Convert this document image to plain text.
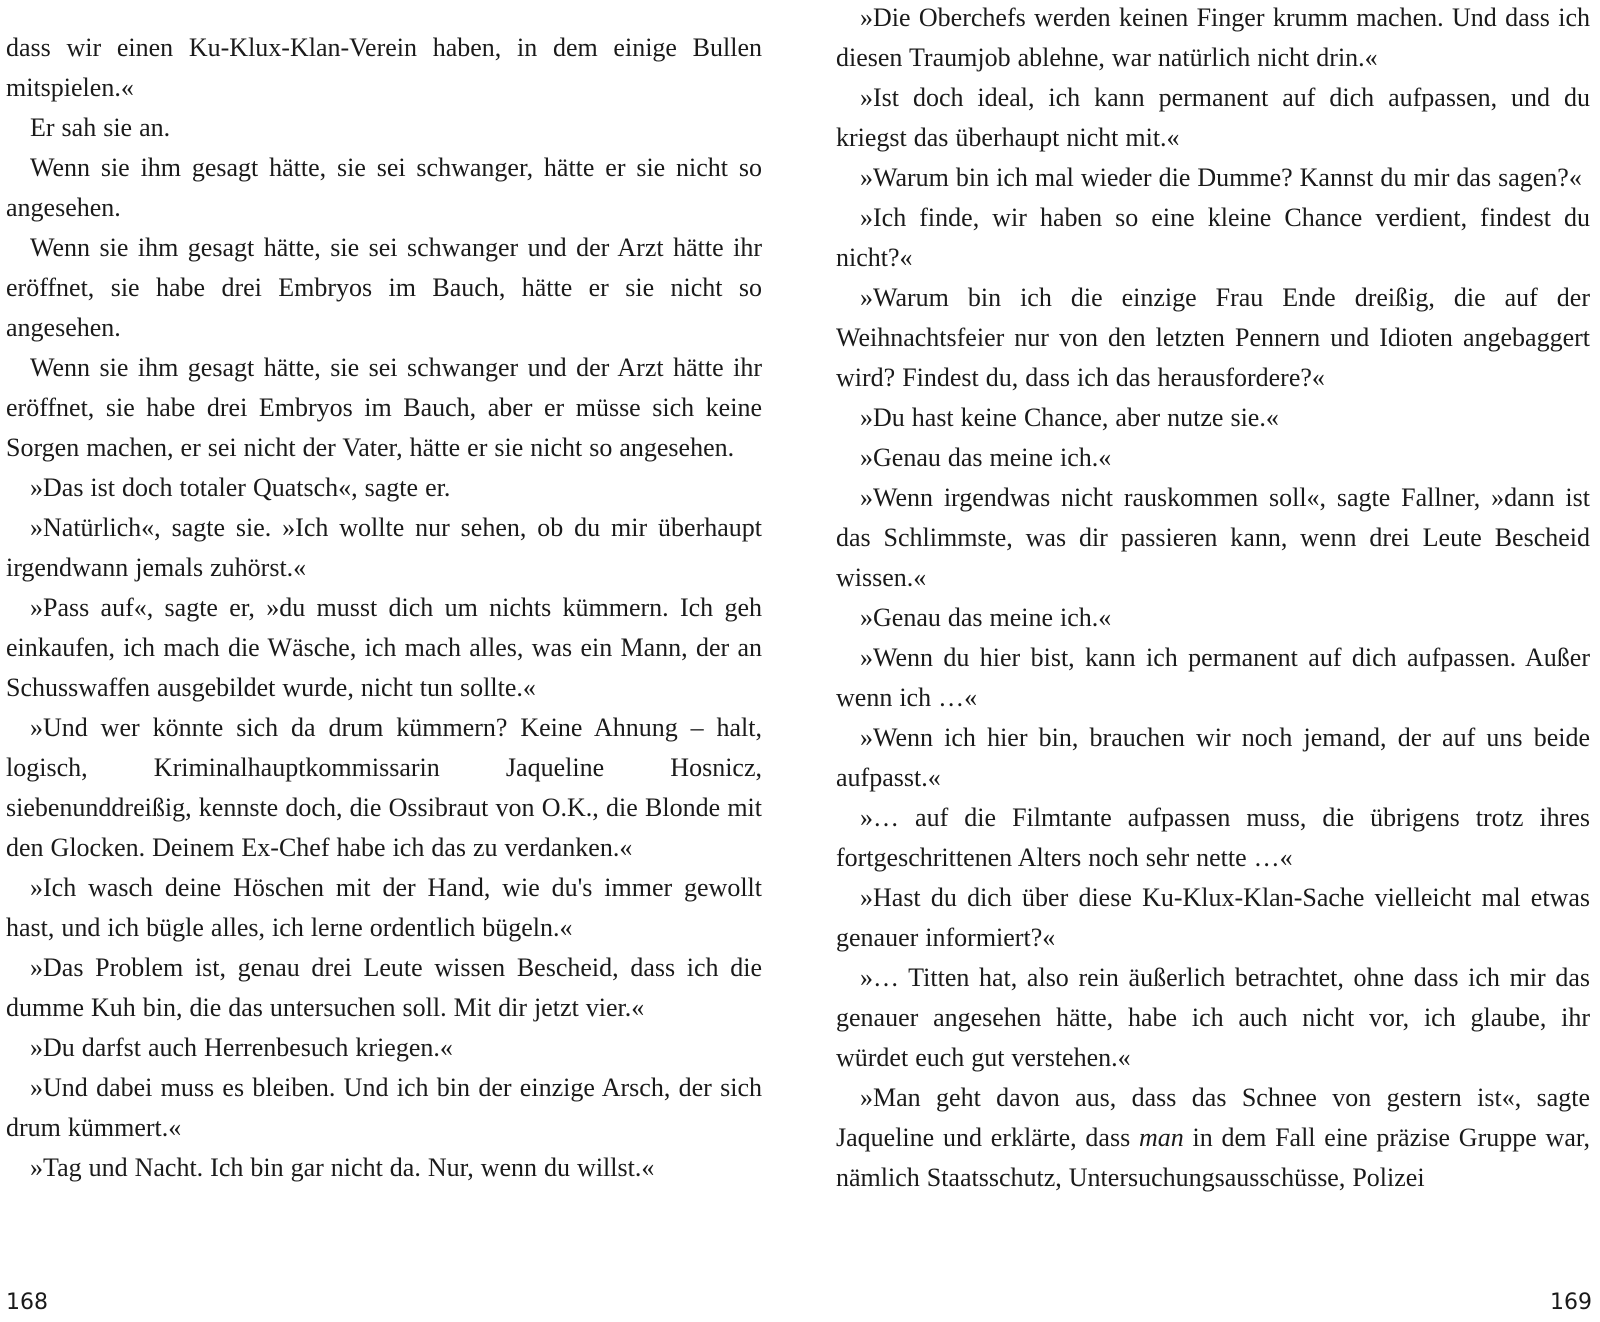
dass wir einen Ku-Klux-Klan-Verein haben, in dem einige Bullen mitspielen.«

Er sah sie an.

Wenn sie ihm gesagt hätte, sie sei schwanger, hätte er sie nicht so angesehen.

Wenn sie ihm gesagt hätte, sie sei schwanger und der Arzt hätte ihr eröffnet, sie habe drei Embryos im Bauch, hätte er sie nicht so angesehen.

Wenn sie ihm gesagt hätte, sie sei schwanger und der Arzt hätte ihr eröffnet, sie habe drei Embryos im Bauch, aber er müsse sich keine Sorgen machen, er sei nicht der Vater, hätte er sie nicht so angesehen.

»Das ist doch totaler Quatsch«, sagte er.

»Natürlich«, sagte sie. »Ich wollte nur sehen, ob du mir überhaupt irgendwann jemals zuhörst.«

»Pass auf«, sagte er, »du musst dich um nichts kümmern. Ich geh einkaufen, ich mach die Wäsche, ich mach alles, was ein Mann, der an Schusswaffen ausgebildet wurde, nicht tun sollte.«

»Und wer könnte sich da drum kümmern? Keine Ahnung – halt, logisch, Kriminalhauptkommissarin Jaqueline Hosnicz, siebenunddreißig, kennste doch, die Ossibraut von O.K., die Blonde mit den Glocken. Deinem Ex-Chef habe ich das zu verdanken.«

»Ich wasch deine Höschen mit der Hand, wie du's immer gewollt hast, und ich bügle alles, ich lerne ordentlich bügeln.«

»Das Problem ist, genau drei Leute wissen Bescheid, dass ich die dumme Kuh bin, die das untersuchen soll. Mit dir jetzt vier.«

»Du darfst auch Herrenbesuch kriegen.«

»Und dabei muss es bleiben. Und ich bin der einzige Arsch, der sich drum kümmert.«

»Tag und Nacht. Ich bin gar nicht da. Nur, wenn du willst.«

168

»Die Oberchefs werden keinen Finger krumm machen. Und dass ich diesen Traumjob ablehne, war natürlich nicht drin.«

»Ist doch ideal, ich kann permanent auf dich aufpassen, und du kriegst das überhaupt nicht mit.«

»Warum bin ich mal wieder die Dumme? Kannst du mir das sagen?«

»Ich finde, wir haben so eine kleine Chance verdient, findest du nicht?«

»Warum bin ich die einzige Frau Ende dreißig, die auf der Weihnachtsfeier nur von den letzten Pennern und Idioten angebaggert wird? Findest du, dass ich das herausfordere?«

»Du hast keine Chance, aber nutze sie.«

»Genau das meine ich.«

»Wenn irgendwas nicht rauskommen soll«, sagte Fallner, »dann ist das Schlimmste, was dir passieren kann, wenn drei Leute Bescheid wissen.«

»Genau das meine ich.«

»Wenn du hier bist, kann ich permanent auf dich aufpassen. Außer wenn ich …«

»Wenn ich hier bin, brauchen wir noch jemand, der auf uns beide aufpasst.«

»… auf die Filmtante aufpassen muss, die übrigens trotz ihres fortgeschrittenen Alters noch sehr nette …«

»Hast du dich über diese Ku-Klux-Klan-Sache vielleicht mal etwas genauer informiert?«

»… Titten hat, also rein äußerlich betrachtet, ohne dass ich mir das genauer angesehen hätte, habe ich auch nicht vor, ich glaube, ihr würdet euch gut verstehen.«

»Man geht davon aus, dass das Schnee von gestern ist«, sagte Jaqueline und erklärte, dass man in dem Fall eine präzise Gruppe war, nämlich Staatsschutz, Untersuchungsausschüsse, Polizei

169
